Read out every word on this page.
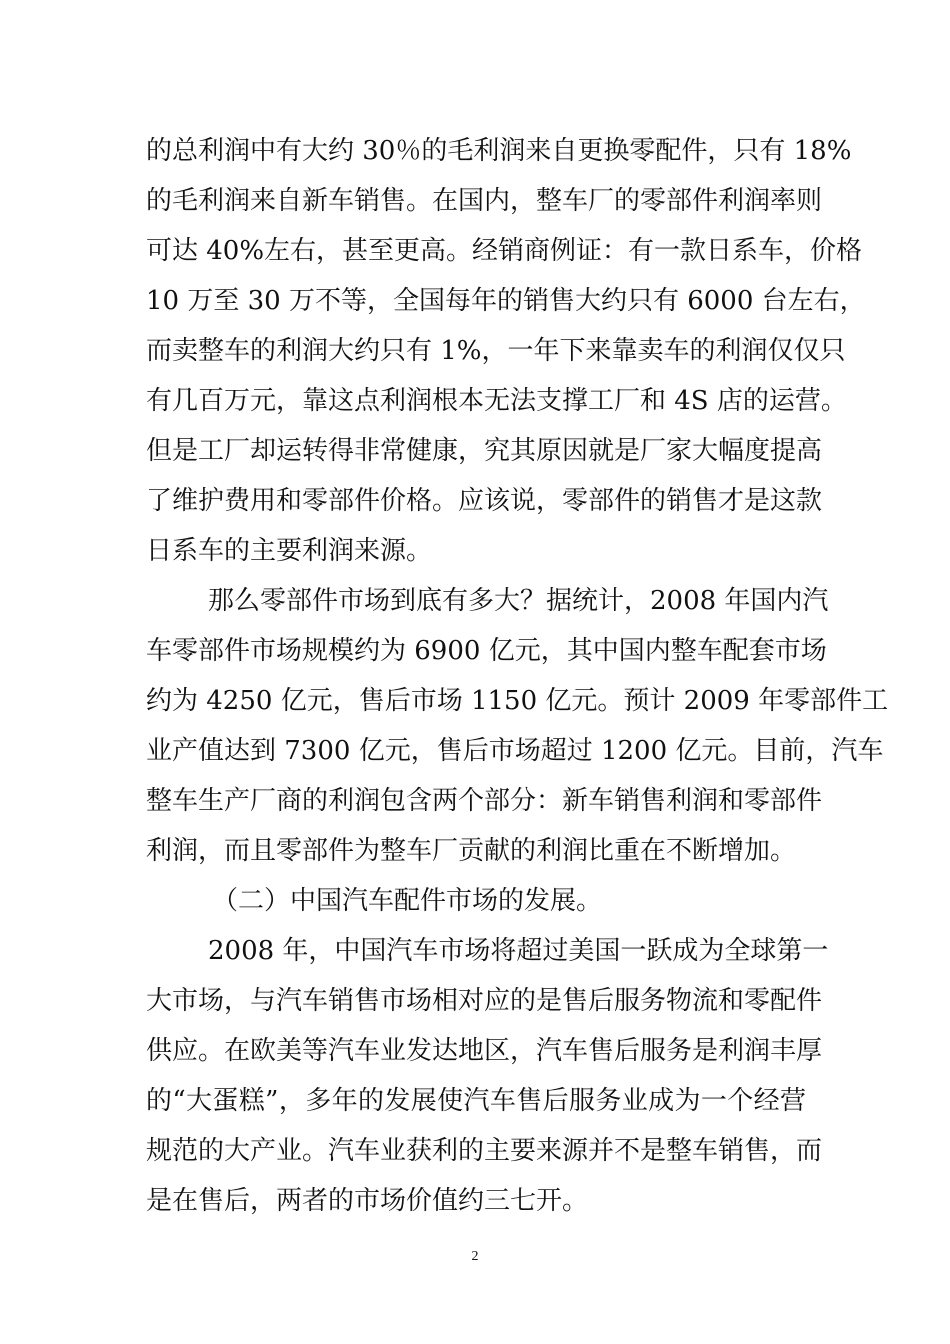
的总利润中有大约 30％的毛利润来自更换零配件，只有 18%
的毛利润来自新车销售。在国内，整车厂的零部件利润率则
可达 40%左右，甚至更高。经销商例证：有一款日系车，价格
10 万至 30 万不等，全国每年的销售大约只有 6000 台左右，
而卖整车的利润大约只有 1%，一年下来靠卖车的利润仅仅只
有几百万元，靠这点利润根本无法支撑工厂和 4S 店的运营。
但是工厂却运转得非常健康，究其原因就是厂家大幅度提高
了维护费用和零部件价格。应该说，零部件的销售才是这款
日系车的主要利润来源。
那么零部件市场到底有多大？据统计，2008 年国内汽
车零部件市场规模约为 6900 亿元，其中国内整车配套市场
约为 4250 亿元，售后市场 1150 亿元。预计 2009 年零部件工
业产值达到 7300 亿元，售后市场超过 1200 亿元。目前，汽车
整车生产厂商的利润包含两个部分：新车销售利润和零部件
利润，而且零部件为整车厂贡献的利润比重在不断增加。
（二）中国汽车配件市场的发展。
2008 年，中国汽车市场将超过美国一跃成为全球第一
大市场，与汽车销售市场相对应的是售后服务物流和零配件
供应。在欧美等汽车业发达地区，汽车售后服务是利润丰厚
的“大蛋糕”，多年的发展使汽车售后服务业成为一个经营
规范的大产业。汽车业获利的主要来源并不是整车销售，而
是在售后，两者的市场价值约三七开。
2
